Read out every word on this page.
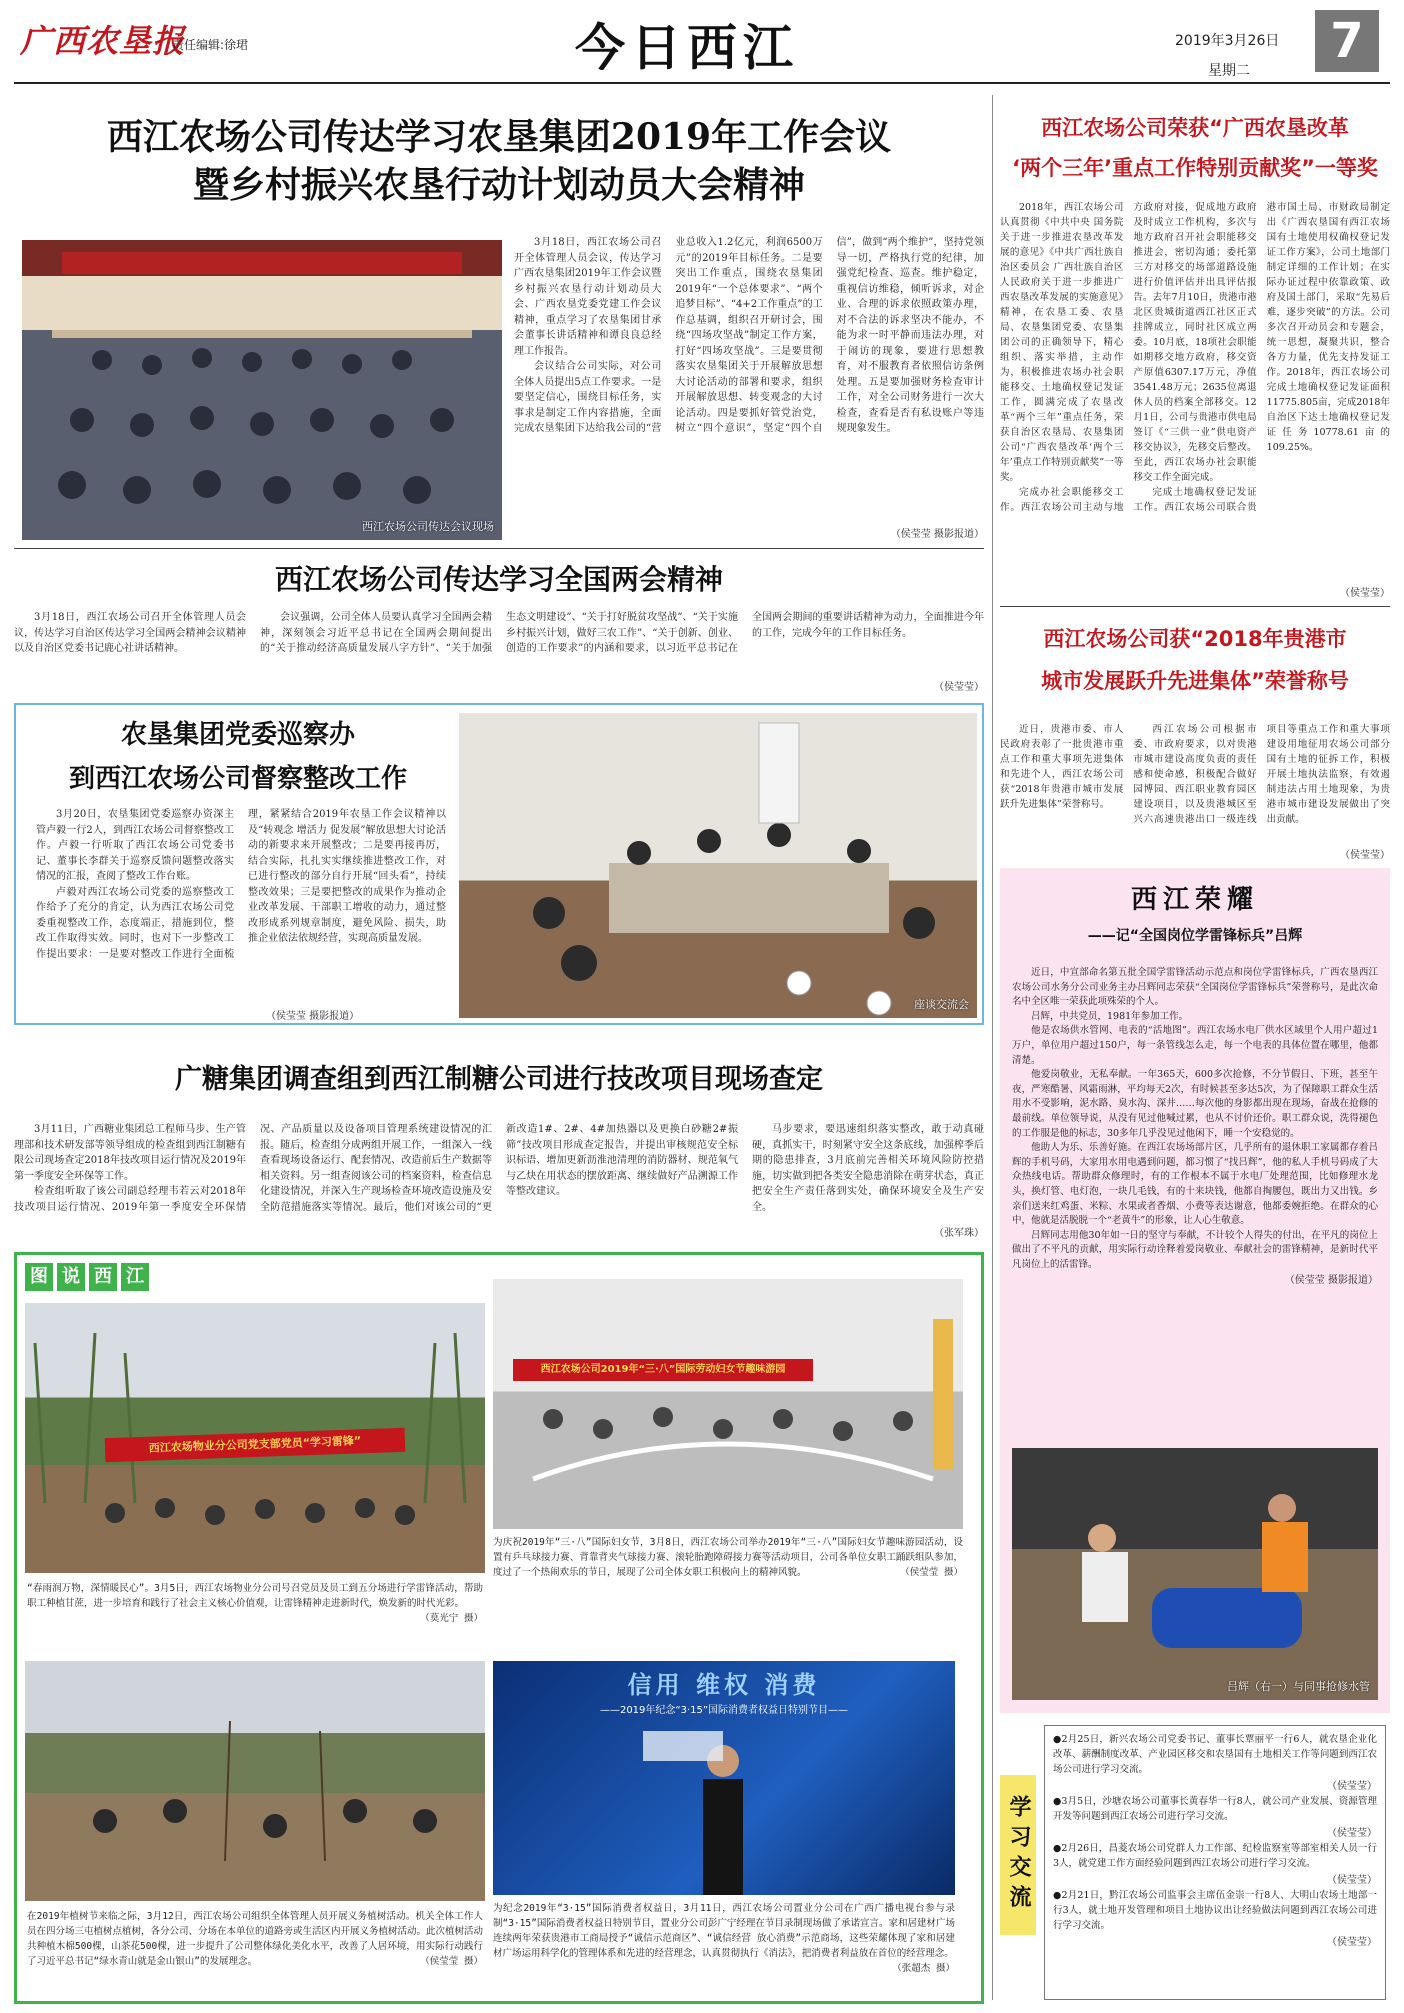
广西农垦报
责任编辑:徐珺	今日西江	2019年3月26日
星期二
7
西江农场公司传达学习农垦集团2019年工作会议
暨乡村振兴农垦行动计划动员大会精神
西江农场公司传达会议现场

3月18日，西江农场公司召开全体管理人员会议，传达学习广西农垦集团2019年工作会议暨乡村振兴农垦行动计划动员大会、广西农垦党委党建工作会议精神，重点学习了农垦集团甘承会董事长讲话精神和谭良良总经理工作报告。

会议结合公司实际，对公司全体人员提出5点工作要求。一是要坚定信心，围绕目标任务，实事求是制定工作内容措施，全面完成农垦集团下达给我公司的“营业总收入1.2亿元，利润6500万元”的2019年目标任务。二是要突出工作重点，围绕农垦集团2019年“一个总体要求”、“两个追梦目标”、“4+2工作重点”的工作总基调，组织召开研讨会，围绕“四场攻坚战”制定工作方案，打好“四场攻坚战”。三是要贯彻落实农垦集团关于开展解放思想大讨论活动的部署和要求，组织开展解放思想、转变观念的大讨论活动。四是要抓好管党治党，树立“四个意识”，坚定“四个自信”，做到“两个维护”，坚持党领导一切，严格执行党的纪律，加强党纪检查、巡查。维护稳定，重视信访维稳，倾听诉求，对企业、合理的诉求依照政策办理，对不合法的诉求坚决不能办，不能为求一时平静而违法办理，对于闹访的现象，要进行思想教育，对不服教育者依照信访条例处理。五是要加强财务检查审计工作，对全公司财务进行一次大检查，查看是否有私设账户等违规现象发生。

（侯莹莹 摄影报道）
西江农场公司传达学习全国两会精神

3月18日，西江农场公司召开全体管理人员会议，传达学习自治区传达学习全国两会精神会议精神以及自治区党委书记鹿心社讲话精神。

会议强调，公司全体人员要认真学习全国两会精神，深刻领会习近平总书记在全国两会期间提出的“关于推动经济高质量发展八字方针”、“关于加强生态文明建设”、“关于打好脱贫攻坚战”、“关于实施乡村振兴计划，做好三农工作”、“关于创新、创业、创造的工作要求”的内涵和要求，以习近平总书记在全国两会期间的重要讲话精神为动力，全面推进今年的工作，完成今年的工作目标任务。

（侯莹莹）
农垦集团党委巡察办
到西江农场公司督察整改工作

3月20日，农垦集团党委巡察办资深主管卢毅一行2人，到西江农场公司督察整改工作。卢毅一行听取了西江农场公司党委书记、董事长李群关于巡察反馈问题整改落实情况的汇报，查阅了整改工作台账。

卢毅对西江农场公司党委的巡察整改工作给予了充分的肯定，认为西江农场公司党委重视整改工作，态度端正，措施到位，整改工作取得实效。同时，也对下一步整改工作提出要求：一是要对整改工作进行全面梳理，紧紧结合2019年农垦工作会议精神以及“转观念 增活力 促发展”解放思想大讨论活动的新要求来开展整改；二是要再接再厉，结合实际，扎扎实实继续推进整改工作，对已进行整改的部分自行开展“回头看”，持续整改效果；三是要把整改的成果作为推动企业改革发展、干部职工增收的动力，通过整改形成系列规章制度，避免风险、损失，助推企业依法依规经营，实现高质量发展。

（侯莹莹 摄影报道）
座谈交流会
广糖集团调查组到西江制糖公司进行技改项目现场查定

3月11日，广西糖业集团总工程师马步、生产管理部和技术研发部等领导组成的检查组到西江制糖有限公司现场查定2018年技改项目运行情况及2019年第一季度安全环保等工作。

检查组听取了该公司副总经理韦若云对2018年技改项目运行情况、2019年第一季度安全环保情况、产品质量以及设备项目管理系统建设情况的汇报。随后，检查组分成两组开展工作，一组深入一线查看现场设备运行、配套情况、改造前后生产数据等相关资料。另一组查阅该公司的档案资料，检查信息化建设情况，并深入生产现场检查环境改造设施及安全防范措施落实等情况。最后，他们对该公司的“更新改造1#、2#、4#加热器以及更换白砂糖2#振筛”技改项目形成查定报告，并提出审核规范安全标识标语、增加更新沥淮池清理的消防器材、规范氧气与乙炔在用状态的摆放距离、继续做好产品溯源工作等整改建议。

马步要求，要迅速组织落实整改，敢于动真碰硬，真抓实干，时刻紧守安全这条底线，加强榨季后期的隐患排查，3月底前完善相关环境风险防控措施，切实做到把各类安全隐患消除在萌芽状态，真正把安全生产责任落到实处，确保环境安全及生产安全。

（张军珠）
图 说 西 江
西江农场物业分公司党支部党员“学习雷锋”
“春雨润万物，深情暖民心”。3月5日，西江农场物业分公司号召党员及员工到五分场进行学雷锋活动，帮助职工种植甘蔗，进一步培育和践行了社会主义核心价值观，让雷锋精神走进新时代，焕发新的时代光彩。
（莫光宁 摄）
西江农场公司2019年“三·八”国际劳动妇女节趣味游园
为庆祝2019年“三·八”国际妇女节，3月8日，西江农场公司举办2019年“三·八”国际妇女节趣味游园活动，设置有乒乓球接力赛、背靠背夹气球接力赛、滚轮胎跑障碍接力赛等活动项目，公司各单位女职工踊跃组队参加，度过了一个热闹欢乐的节日，展现了公司全体女职工积极向上的精神风貌。	（侯莹莹 摄）
在2019年植树节来临之际，3月12日，西江农场公司组织全体管理人员开展义务植树活动。机关全体工作人员在四分场三屯植树点植树，各分公司、分场在本单位的道路旁或生活区内开展义务植树活动。此次植树活动共种植木棉500棵，山茶花500棵，进一步提升了公司整体绿化美化水平，改善了人居环境，用实际行动践行了习近平总书记“绿水青山就是金山银山”的发展理念。	（侯莹莹 摄）
信用 维权 消费
——2019年纪念“3·15”国际消费者权益日特别节目——
为纪念2019年“3·15”国际消费者权益日，3月11日，西江农场公司置业分公司在广西广播电视台参与录制“3·15”国际消费者权益日特别节目，置业分公司彭广宁经理在节目录制现场做了承诺宣言。家和居建材广场连续两年荣获贵港市工商局授予“诚信示范商区”、“诚信经营 放心消费”示范商场，这些荣耀体现了家和居建材广场运用科学化的管理体系和先进的经营理念，认真贯彻执行《消法》，把消费者利益放在首位的经营理念。
（张超杰 摄）
西江农场公司荣获“广西农垦改革
‘两个三年’重点工作特别贡献奖”一等奖

2018年，西江农场公司认真贯彻《中共中央 国务院关于进一步推进农垦改革发展的意见》《中共广西壮族自治区委员会 广西壮族自治区人民政府关于进一步推进广西农垦改革发展的实施意见》精神，在农垦工委、农垦局、农垦集团党委、农垦集团公司的正确领导下，精心组织、落实举措，主动作为，积极推进农场办社会职能移交、土地确权登记发证工作，圆满完成了农垦改革“两个三年”重点任务，荣获自治区农垦局、农垦集团公司“广西农垦改革‘两个三年’重点工作特别贡献奖”一等奖。

完成办社会职能移交工作。西江农场公司主动与地方政府对接，促成地方政府及时成立工作机构，多次与地方政府召开社会职能移交推进会，密切沟通；委托第三方对移交的场部道路设施进行价值评估并出具评估报告。去年7月10日，贵港市港北区贵城街道西江社区正式挂牌成立，同时社区成立两委。10月底，18项社会职能如期移交地方政府，移交资产原值6307.17万元，净值3541.48万元；2635位离退休人员的档案全部移交。12月1日，公司与贵港市供电局签订《“三供一业”供电资产移交协议》，先移交后整改。至此，西江农场办社会职能移交工作全面完成。

完成土地确权登记发证工作。西江农场公司联合贵港市国土局、市财政局制定出《广西农垦国有西江农场国有土地使用权确权登记发证工作方案》，公司土地部门制定详细的工作计划；在实际办证过程中依靠政策、政府及国土部门，采取“先易后难，逐步突破”的方法。公司多次召开动员会和专题会，统一思想，凝聚共识，整合各方力量，优先支持发证工作。2018年，西江农场公司完成土地确权登记发证面积11775.805亩，完成2018年自治区下达土地确权登记发证任务10778.61亩的109.25%。

（侯莹莹）
西江农场公司获“2018年贵港市
城市发展跃升先进集体”荣誉称号

近日，贵港市委、市人民政府表彰了一批贵港市重点工作和重大事项先进集体和先进个人，西江农场公司获“2018年贵港市城市发展跃升先进集体”荣誉称号。

西江农场公司根据市委、市政府要求，以对贵港市城市建设高度负责的责任感和使命感，积极配合做好园博园、西江职业教育园区建设项目，以及贵港城区至兴六高速贵港出口一级连线项目等重点工作和重大事项建设用地征用农场公司部分国有土地的征拆工作，积极开展土地执法监察，有效遏制违法占用土地现象，为贵港市城市建设发展做出了突出贡献。

（侯莹莹）
西江荣耀
——记“全国岗位学雷锋标兵”吕辉

近日，中宣部命名第五批全国学雷锋活动示范点和岗位学雷锋标兵，广西农垦西江农场公司水务分公司业务主办吕辉同志荣获“全国岗位学雷锋标兵”荣誉称号，是此次命名中全区唯一荣获此项殊荣的个人。

吕辉，中共党员，1981年参加工作。

他是农场供水管网、电表的“活地图”。西江农场水电厂供水区域里个人用户超过1万户，单位用户超过150户，每一条管线怎么走，每一个电表的具体位置在哪里，他都清楚。

他爱岗敬业，无私奉献。一年365天，600多次抢修，不分节假日、下班，甚至午夜，严寒酷暑、风霜雨淋，平均每天2次，有时候甚至多达5次，为了保障职工群众生活用水不受影响，泥水路、臭水沟、深井……每次他的身影都出现在现场，奋战在抢修的最前线。单位领导说，从没有见过他喊过累，也从不讨价还价。职工群众说，洗得褪色的工作服是他的标志，30多年几乎没见过他闲下，睡一个安稳觉的。

他助人为乐、乐善好施。在西江农场场部片区，几乎所有的退休职工家属都存着吕辉的手机号码，大家用水用电遇到问题，都习惯了“找吕辉”，他的私人手机号码成了大众热线电话。帮助群众修理时，有的工作根本不属于水电厂处理范围，比如修理水龙头，换灯管、电灯泡，一块几毛钱，有的十来块钱，他都自掏腰包，既出力又出钱。乡亲们送来红鸡蛋、米粽、水果或者香烟、小费等表达谢意，他都委婉拒绝。在群众的心中，他就是活脱脱一个“老黄牛”的形象，让人心生敬意。

吕辉同志用他30年如一日的坚守与奉献，不计较个人得失的付出，在平凡的岗位上做出了不平凡的贡献，用实际行动诠释着爱岗敬业、奉献社会的雷锋精神，是新时代平凡岗位上的活雷锋。

（侯莹莹 摄影报道）
吕辉（右一）与同事抢修水管
学习交流
●2月25日，新兴农场公司党委书记、董事长覃丽平一行6人，就农垦企业化改革、薪酬制度改革、产业园区移交和农垦国有土地相关工作等问题到西江农场公司进行学习交流。
（侯莹莹）
●3月5日，沙塘农场公司董事长黄春华一行8人，就公司产业发展、资源管理开发等问题到西江农场公司进行学习交流。
（侯莹莹）
●2月26日，昌菱农场公司党群人力工作部、纪检监察室等部室相关人员一行3人，就党建工作方面经验问题到西江农场公司进行学习交流。
（侯莹莹）
●2月21日，黔江农场公司监事会主席伍金崇一行8人、大明山农场土地部一行3人，就土地开发管理和项目土地协议出让经验做法问题到西江农场公司进行学习交流。
（侯莹莹）
